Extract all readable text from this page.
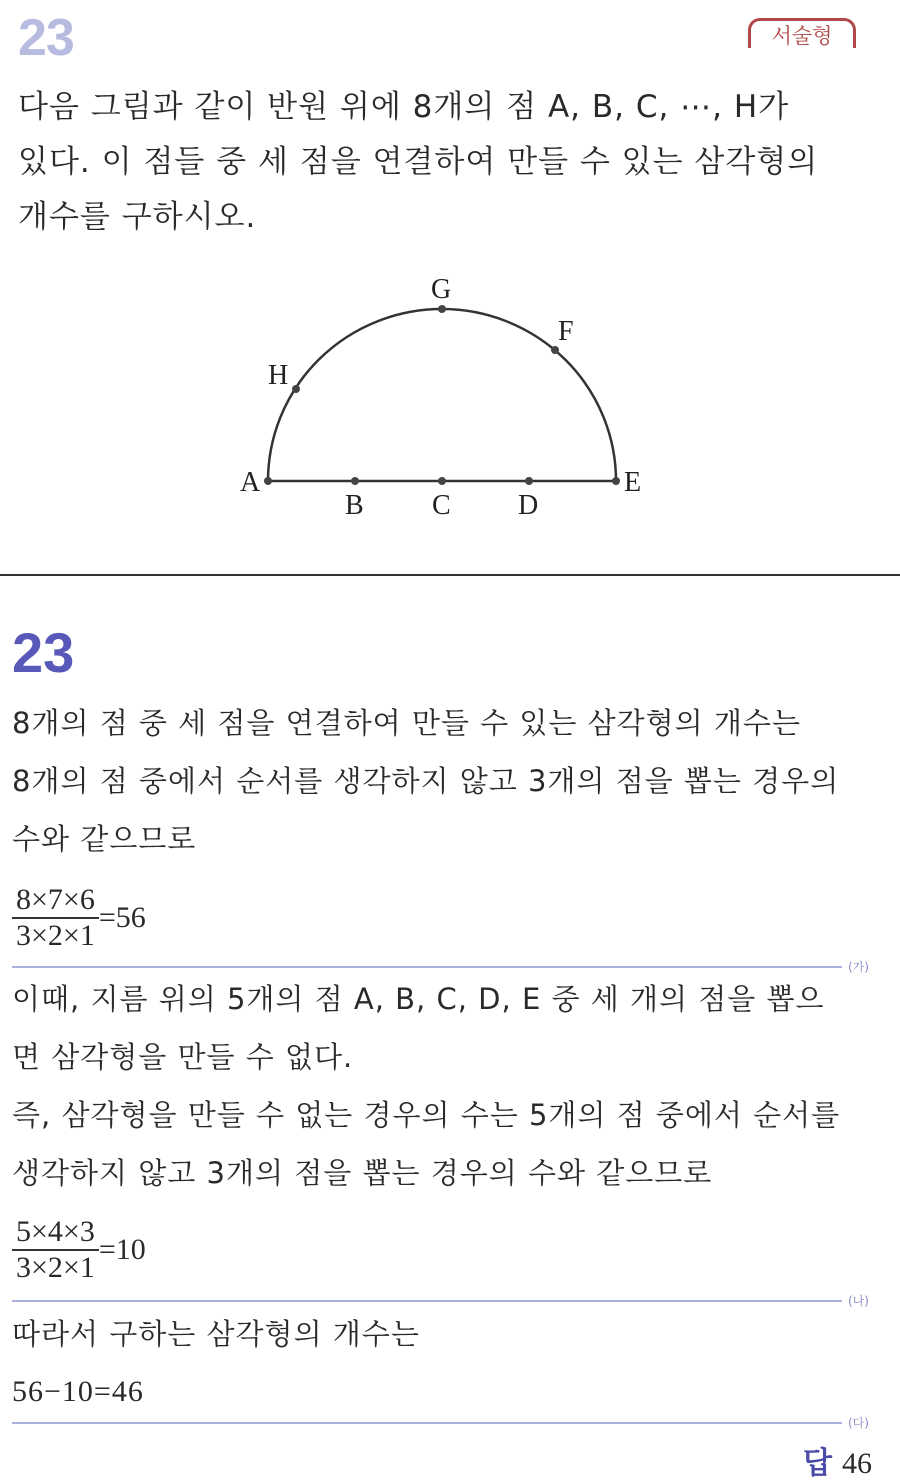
23	서술형
다음 그림과 같이 반원 위에 8개의 점 A, B, C, ⋯, H가
있다. 이 점들 중 세 점을 연결하여 만들 수 있는 삼각형의
개수를 구하시오.
A
B C D
E
F
G
H
23
8개의 점 중 세 점을 연결하여 만들 수 있는 삼각형의 개수는
8개의 점 중에서 순서를 생각하지 않고 3개의 점을 뽑는 경우의
수와 같으므로
$\frac{8\times 7\times 6}{3\times 2\times 1} =56$
(가)
이때, 지름 위의 5개의 점 A, B, C, D, E 중 세 개의 점을 뽑으
면 삼각형을 만들 수 없다.
즉, 삼각형을 만들 수 없는 경우의 수는 5개의 점 중에서 순서를
생각하지 않고 3개의 점을 뽑는 경우의 수와 같으므로
$\frac{5\times 4\times 3}{3\times 2\times 1} =10$
(나)
따라서 구하는 삼각형의 개수는
56−10=46
(다)
답 46
